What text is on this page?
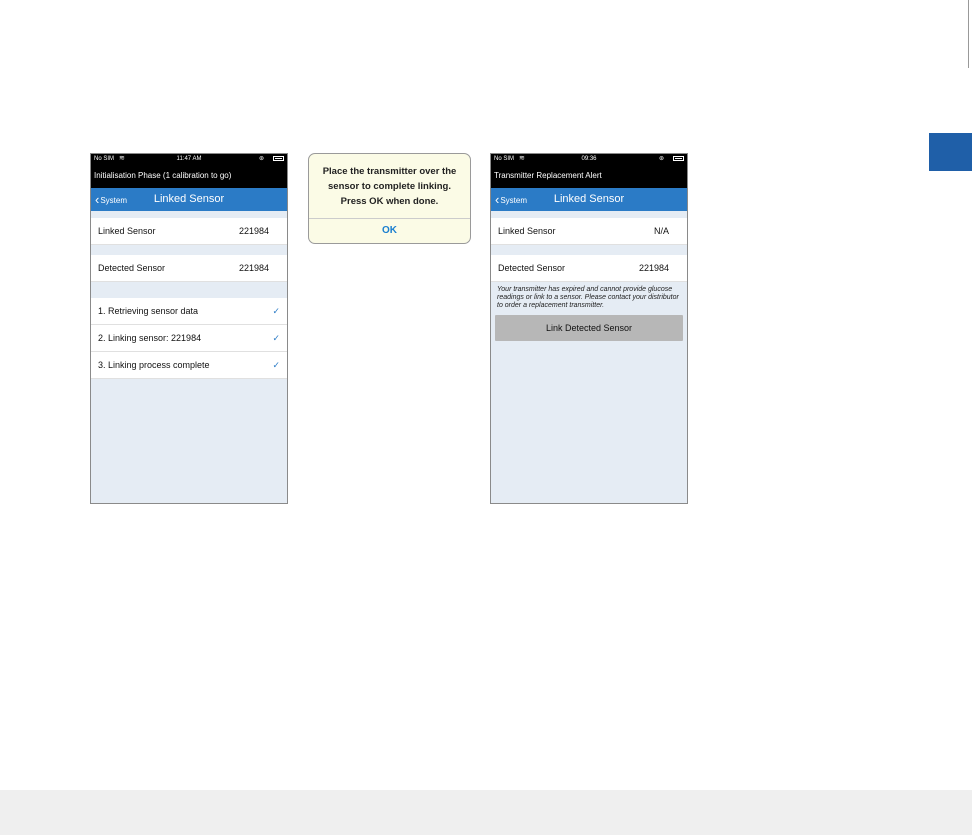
No SIM ≋	11:47 AM	⊛
Initialisation Phase (1 calibration to go)
‹System	Linked Sensor
Linked Sensor	221984
Detected Sensor	221984
1. Retrieving sensor data	✓
2. Linking sensor: 221984	✓
3. Linking process complete	✓
Place the transmitter over the sensor to complete linking. Press OK when done.
OK
No SIM ≋	09:36	⊛
Transmitter Replacement Alert
‹System	Linked Sensor
Linked Sensor	N/A
Detected Sensor	221984
Your transmitter has expired and cannot provide glucose readings or link to a sensor. Please contact your distributor to order a replacement transmitter.
Link Detected Sensor
